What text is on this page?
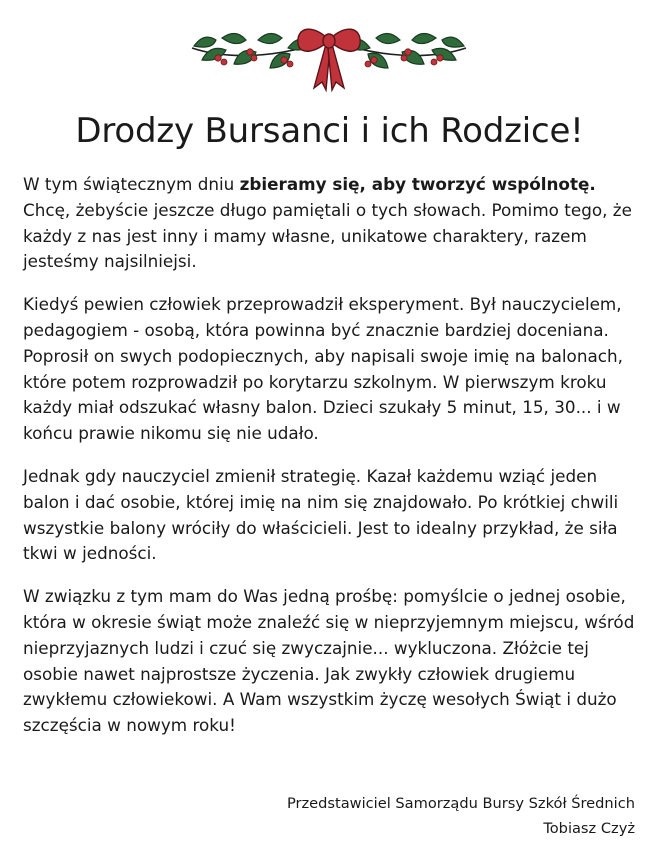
Drodzy Bursanci i ich Rodzice!

W tym świątecznym dniu zbieramy się, aby tworzyć wspólnotę. Chcę, żebyście jeszcze długo pamiętali o tych słowach. Pomimo tego, że każdy z nas jest inny i mamy własne, unikatowe charaktery, razem jesteśmy najsilniejsi.

Kiedyś pewien człowiek przeprowadził eksperyment. Był nauczycielem, pedagogiem - osobą, która powinna być znacznie bardziej doceniana. Poprosił on swych podopiecznych, aby napisali swoje imię na balonach, które potem rozprowadził po korytarzu szkolnym. W pierwszym kroku każdy miał odszukać własny balon. Dzieci szukały 5 minut, 15, 30... i w końcu prawie nikomu się nie udało.

Jednak gdy nauczyciel zmienił strategię. Kazał każdemu wziąć jeden balon i dać osobie, której imię na nim się znajdowało. Po krótkiej chwili wszystkie balony wróciły do właścicieli. Jest to idealny przykład, że siła tkwi w jedności.

W związku z tym mam do Was jedną prośbę: pomyślcie o jednej osobie, która w okresie świąt może znaleźć się w nieprzyjemnym miejscu, wśród nieprzyjaznych ludzi i czuć się zwyczajnie... wykluczona. Złóżcie tej osobie nawet najprostsze życzenia. Jak zwykły człowiek drugiemu zwykłemu człowiekowi. A Wam wszystkim życzę wesołych Świąt i dużo szczęścia w nowym roku!

Przedstawiciel Samorządu Bursy Szkół Średnich
Tobiasz Czyż
